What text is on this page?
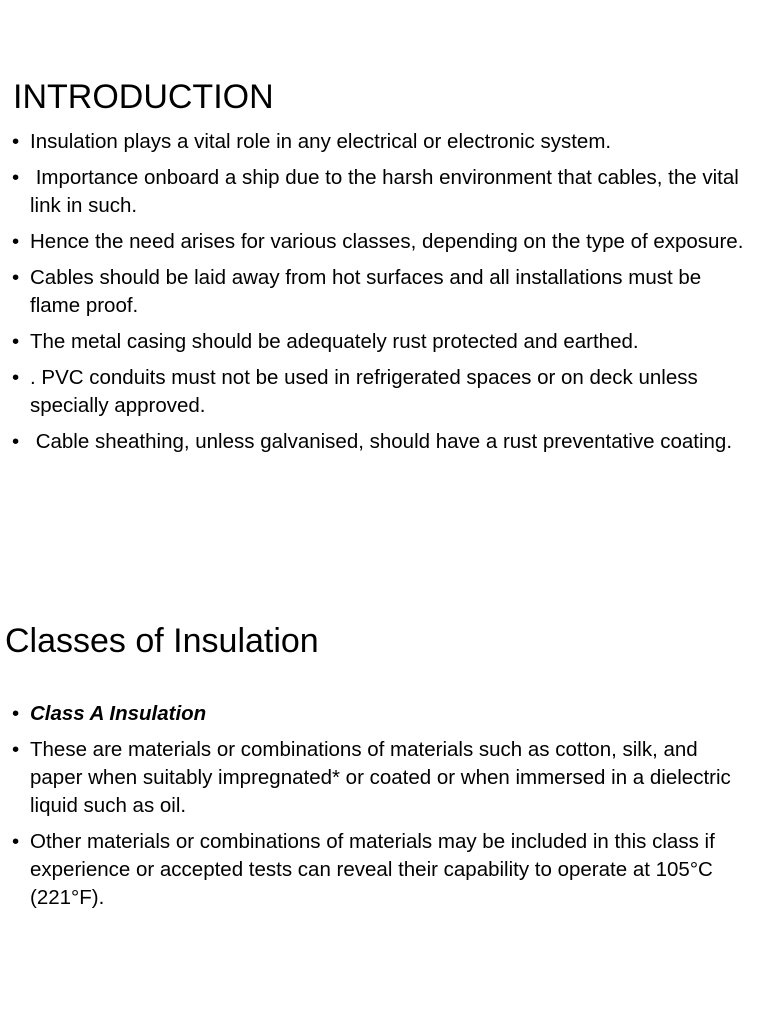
INTRODUCTION
• Insulation plays a vital role in any electrical or electronic system.
•  Importance onboard a ship due to the harsh environment that cables, the vital link in such.
• Hence the need arises for various classes, depending on the type of exposure.
• Cables should be laid away from hot surfaces and all installations must be flame proof.
• The metal casing should be adequately rust protected and earthed.
• . PVC conduits must not be used in refrigerated spaces or on deck unless specially approved.
•  Cable sheathing, unless galvanised, should have a rust preventative coating.
Classes of Insulation
• Class A Insulation
• These are materials or combinations of materials such as cotton, silk, and paper when suitably impregnated* or coated or when immersed in a dielectric liquid such as oil.
• Other materials or combinations of materials may be included in this class if experience or accepted tests can reveal their capability to operate at 105°C (221°F).
